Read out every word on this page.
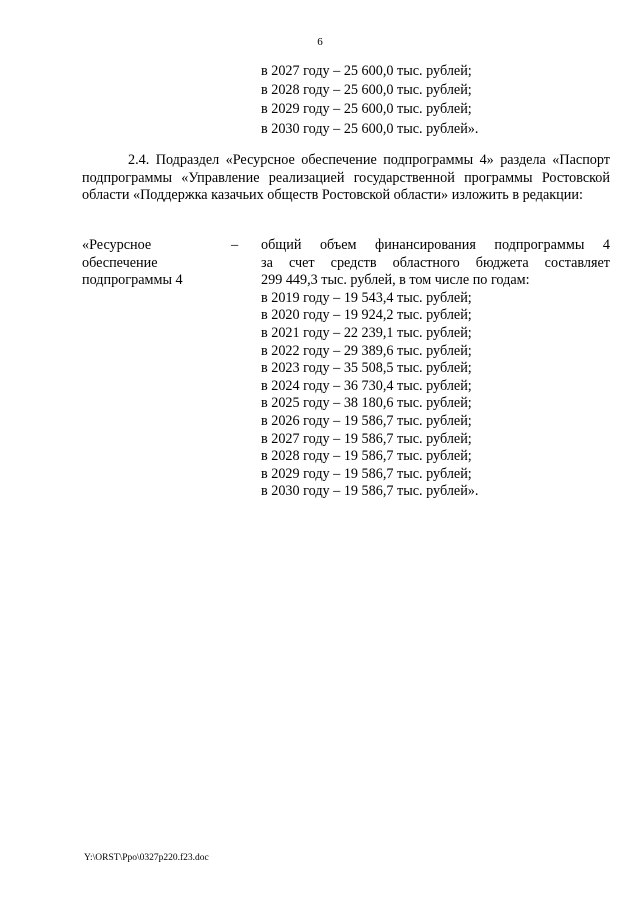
6
в 2027 году – 25 600,0 тыс. рублей;
в 2028 году – 25 600,0 тыс. рублей;
в 2029 году – 25 600,0 тыс. рублей;
в 2030 году – 25 600,0 тыс. рублей».
2.4. Подраздел «Ресурсное обеспечение подпрограммы 4» раздела «Паспорт подпрограммы «Управление реализацией государственной программы Ростовской области «Поддержка казачьих обществ Ростовской области» изложить в редакции:
«Ресурсное
обеспечение
подпрограммы 4
– общий объем финансирования подпрограммы 4
за счет средств областного бюджета составляет
299 449,3 тыс. рублей, в том числе по годам:
в 2019 году – 19 543,4 тыс. рублей;
в 2020 году – 19 924,2 тыс. рублей;
в 2021 году – 22 239,1 тыс. рублей;
в 2022 году – 29 389,6 тыс. рублей;
в 2023 году – 35 508,5 тыс. рублей;
в 2024 году – 36 730,4 тыс. рублей;
в 2025 году – 38 180,6 тыс. рублей;
в 2026 году – 19 586,7 тыс. рублей;
в 2027 году – 19 586,7 тыс. рублей;
в 2028 году – 19 586,7 тыс. рублей;
в 2029 году – 19 586,7 тыс. рублей;
в 2030 году – 19 586,7 тыс. рублей».
Y:\ORST\Ppo\0327p220.f23.doc
